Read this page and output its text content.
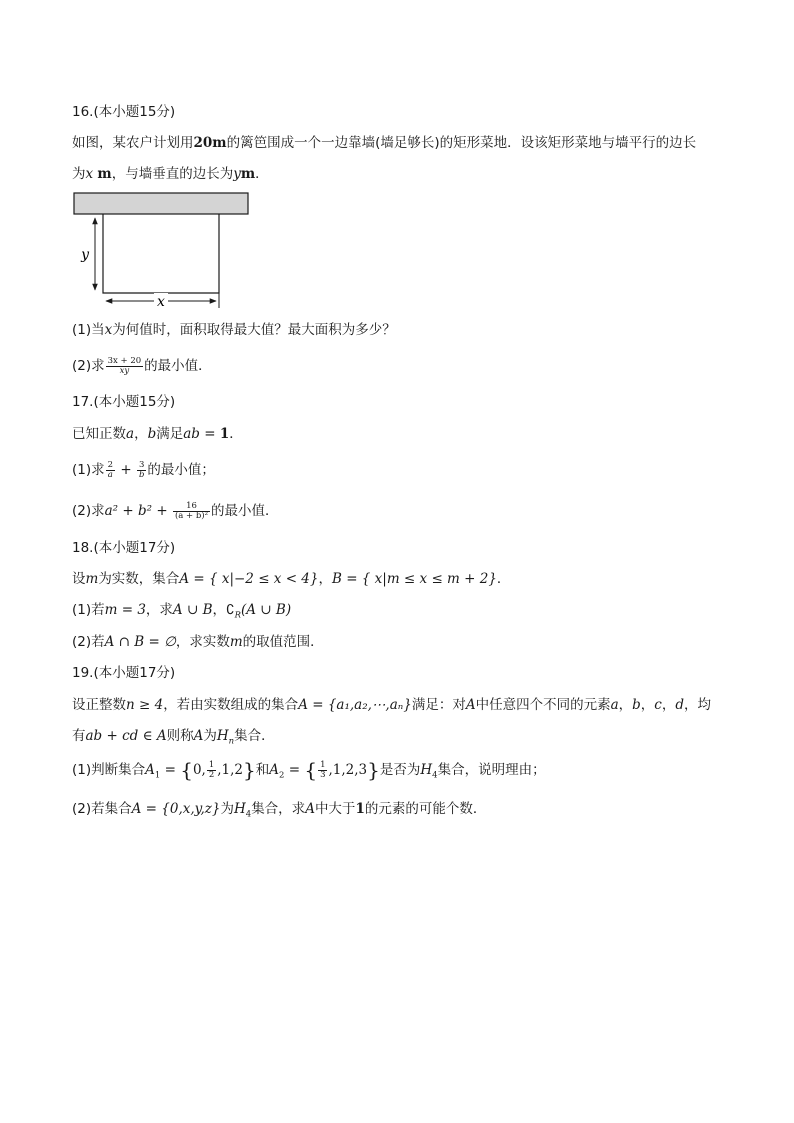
16.(本小题15分)
如图，某农户计划用20m的篱笆围成一个一边靠墙(墙足够长)的矩形菜地．设该矩形菜地与墙平行的边长
为x m，与墙垂直的边长为ym．
y
x
(1)当x为何值时，面积取得最大值？最大面积为多少？
(2)求 $\frac{3x + 20}{xy}$ 的最小值．
17.(本小题15分)
已知正数a，b满足ab = 1．
(1)求 $\frac{2}{a} + \frac{3}{b}$ 的最小值；
(2)求$a^2 + b^2 + \frac{16}{\text{(a + b)²}}$ 的最小值．
18.(本小题17分)
设m为实数，集合A = { x|−2 ≤ x < 4}，B = { x|m ≤ x ≤ m + 2}．
(1)若m = 3，求A ∪ B，$∁_R(A$ ∪ B)
(2)若A ∩ B = ∅，求实数m的取值范围．
19.(本小题17分)
设正整数n ≥ 4，若由实数组成的集合A = {a₁,a₂,⋯,aₙ}满足：对A中任意四个不同的元素a，b，c，d，均
有ab + cd ∈ A则称A为$H_n$集合．
(1)判断集合$A_1 = \{0$, $\frac{1}{2} ,1,2$}和$A_2$ = { $\frac{1}{3} ,1,2,3$}是否为$H_4$集合，说明理由；
(2)若集合A = {0,x,y,z}为$H_4$集合，求A中大于1的元素的可能个数．
